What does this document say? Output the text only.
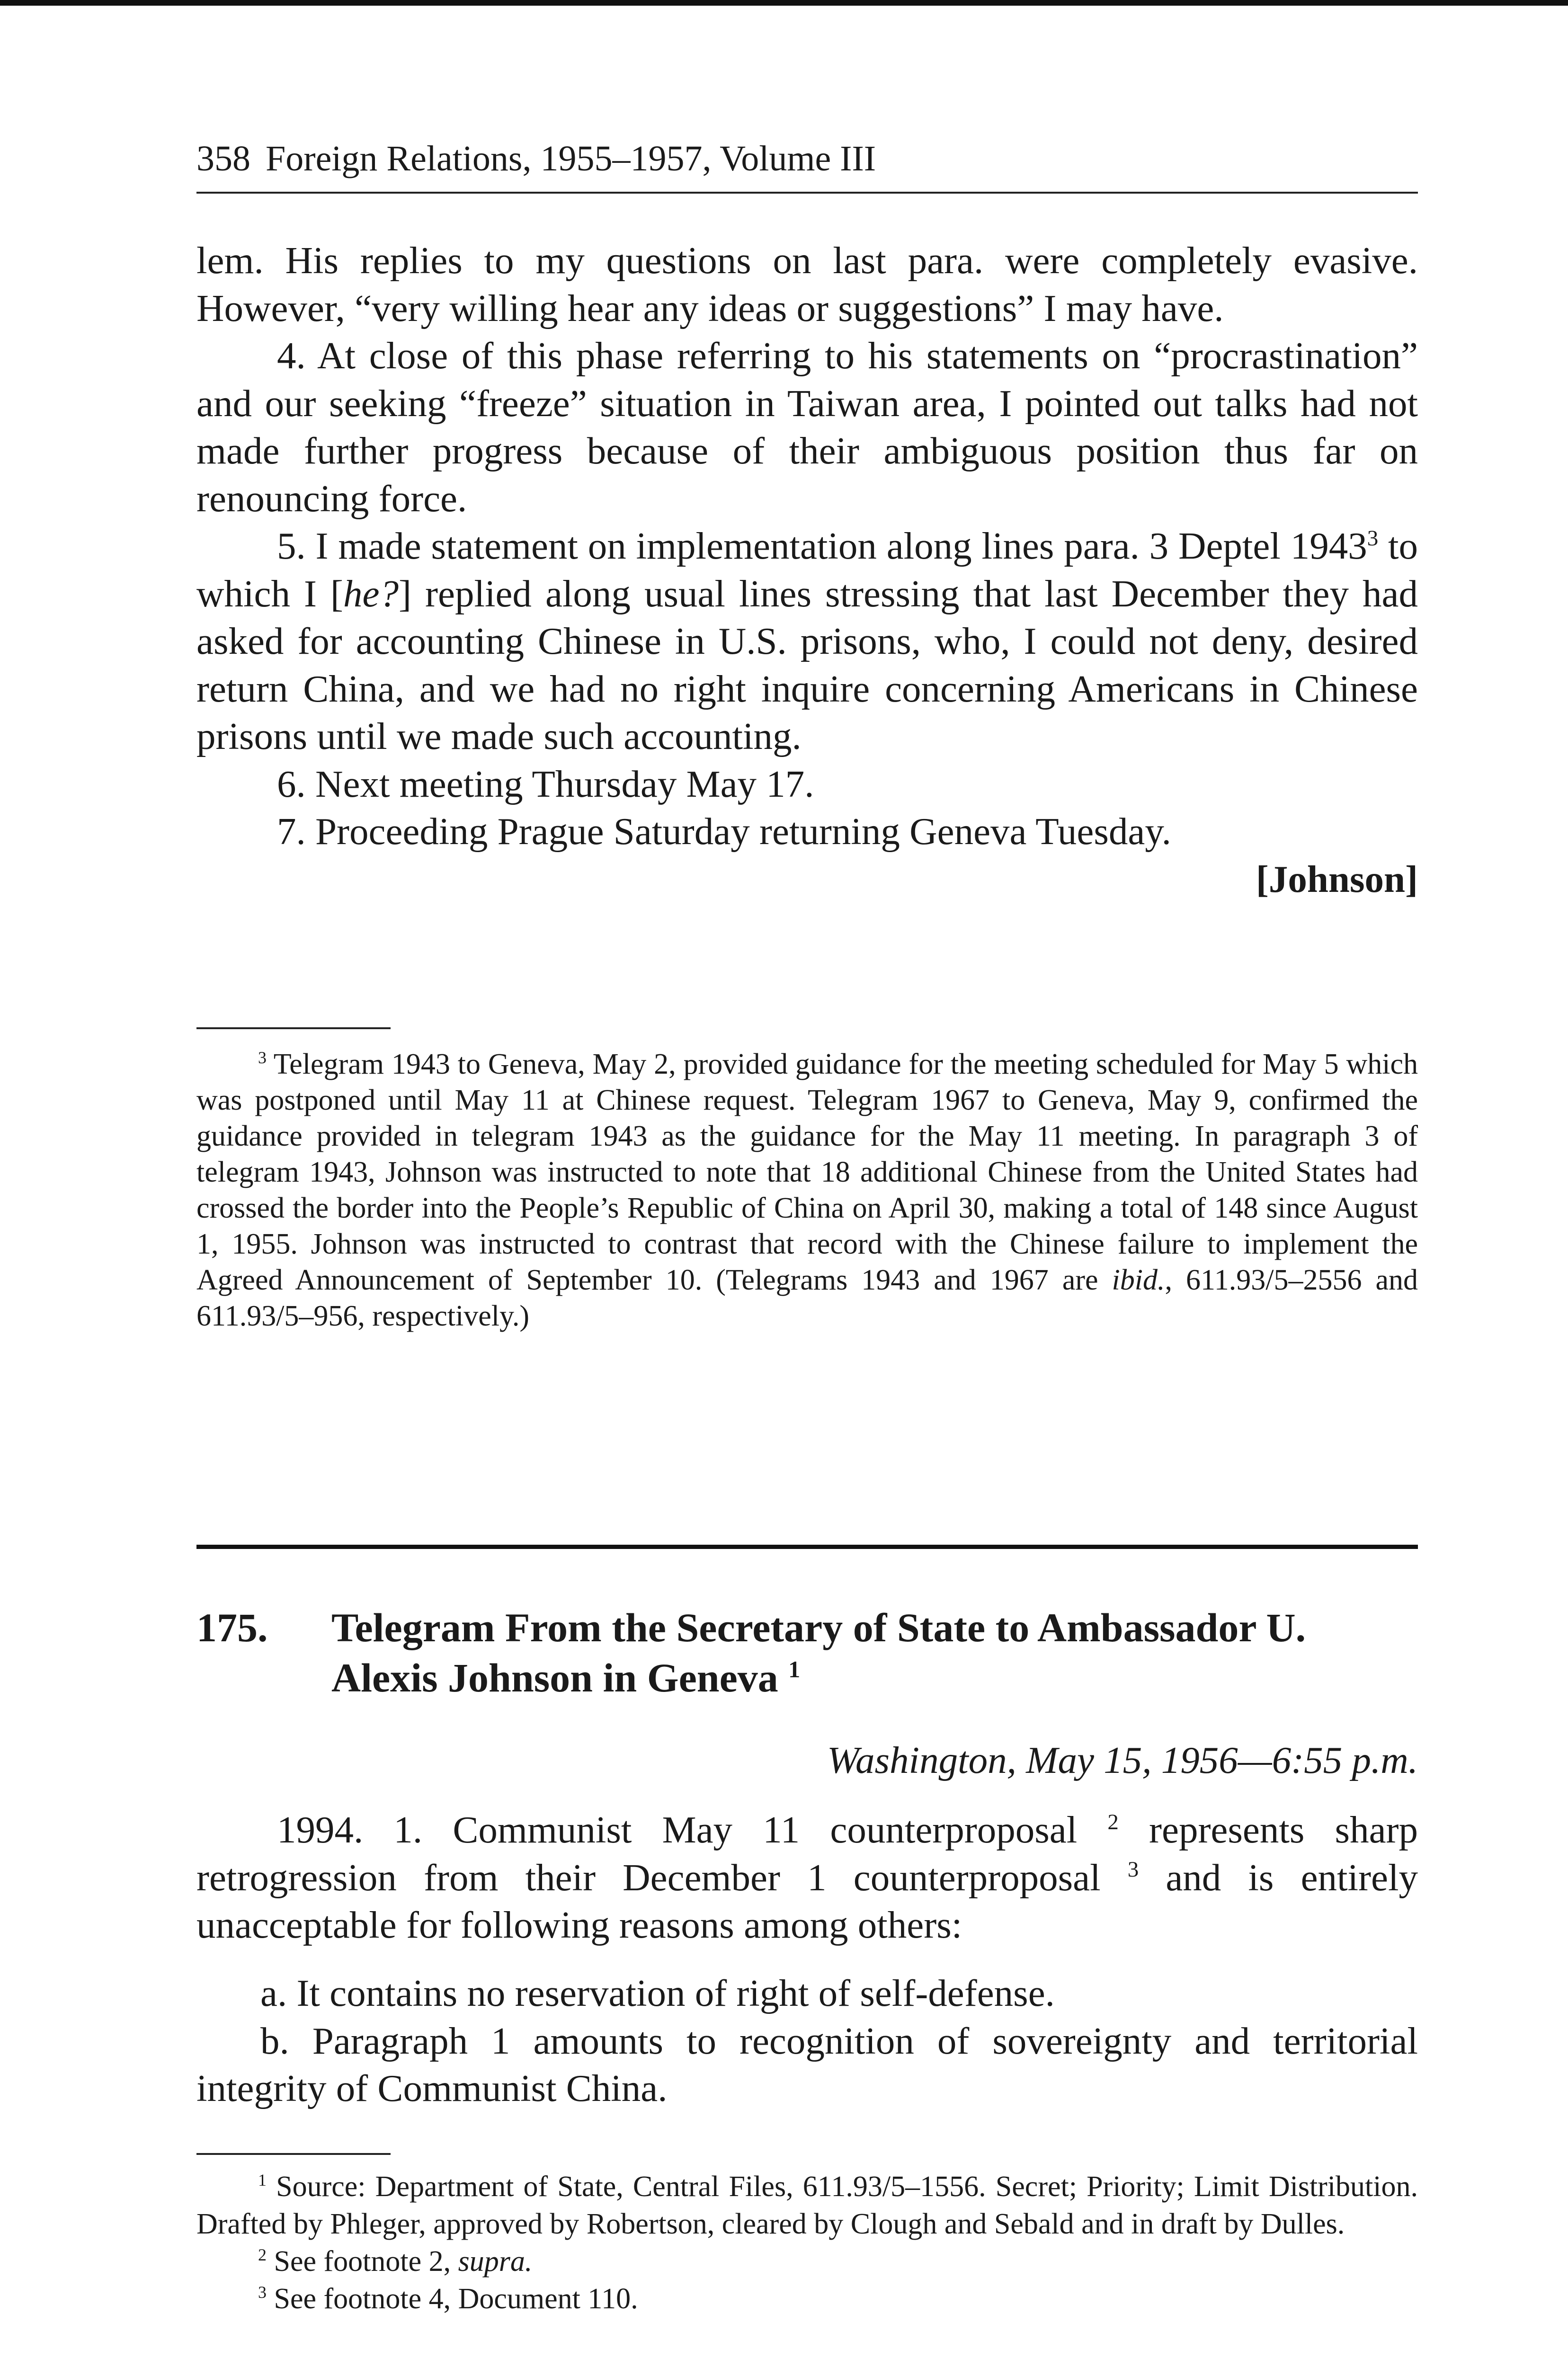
358 Foreign Relations, 1955–1957, Volume III

lem. His replies to my questions on last para. were completely evasive. However, “very willing hear any ideas or suggestions” I may have.

4. At close of this phase referring to his statements on “procrastination” and our seeking “freeze” situation in Taiwan area, I pointed out talks had not made further progress because of their ambiguous position thus far on renouncing force.

5. I made statement on implementation along lines para. 3 Deptel 1943$^3$ to which I [he?] replied along usual lines stressing that last December they had asked for accounting Chinese in U.S. prisons, who, I could not deny, desired return China, and we had no right inquire concerning Americans in Chinese prisons until we made such accounting.

6. Next meeting Thursday May 17.

7. Proceeding Prague Saturday returning Geneva Tuesday.

[Johnson]

$^3$ Telegram 1943 to Geneva, May 2, provided guidance for the meeting scheduled for May 5 which was postponed until May 11 at Chinese request. Telegram 1967 to Geneva, May 9, confirmed the guidance provided in telegram 1943 as the guidance for the May 11 meeting. In paragraph 3 of telegram 1943, Johnson was instructed to note that 18 additional Chinese from the United States had crossed the border into the People’s Republic of China on April 30, making a total of 148 since August 1, 1955. Johnson was instructed to contrast that record with the Chinese failure to implement the Agreed Announcement of September 10. (Telegrams 1943 and 1967 are ibid., 611.93/5–2556 and 611.93/5–956, respectively.)

175. Telegram From the Secretary of State to Ambassador U. Alexis Johnson in Geneva $^1$
Washington, May 15, 1956—6:55 p.m.

1994. 1. Communist May 11 counterproposal $^2$ represents sharp retrogression from their December 1 counterproposal $^3$ and is entirely unacceptable for following reasons among others:

a. It contains no reservation of right of self-defense.

b. Paragraph 1 amounts to recognition of sovereignty and territorial integrity of Communist China.

$^1$ Source: Department of State, Central Files, 611.93/5–1556. Secret; Priority; Limit Distribution. Drafted by Phleger, approved by Robertson, cleared by Clough and Sebald and in draft by Dulles.

$^2$ See footnote 2, supra.

$^3$ See footnote 4, Document 110.
